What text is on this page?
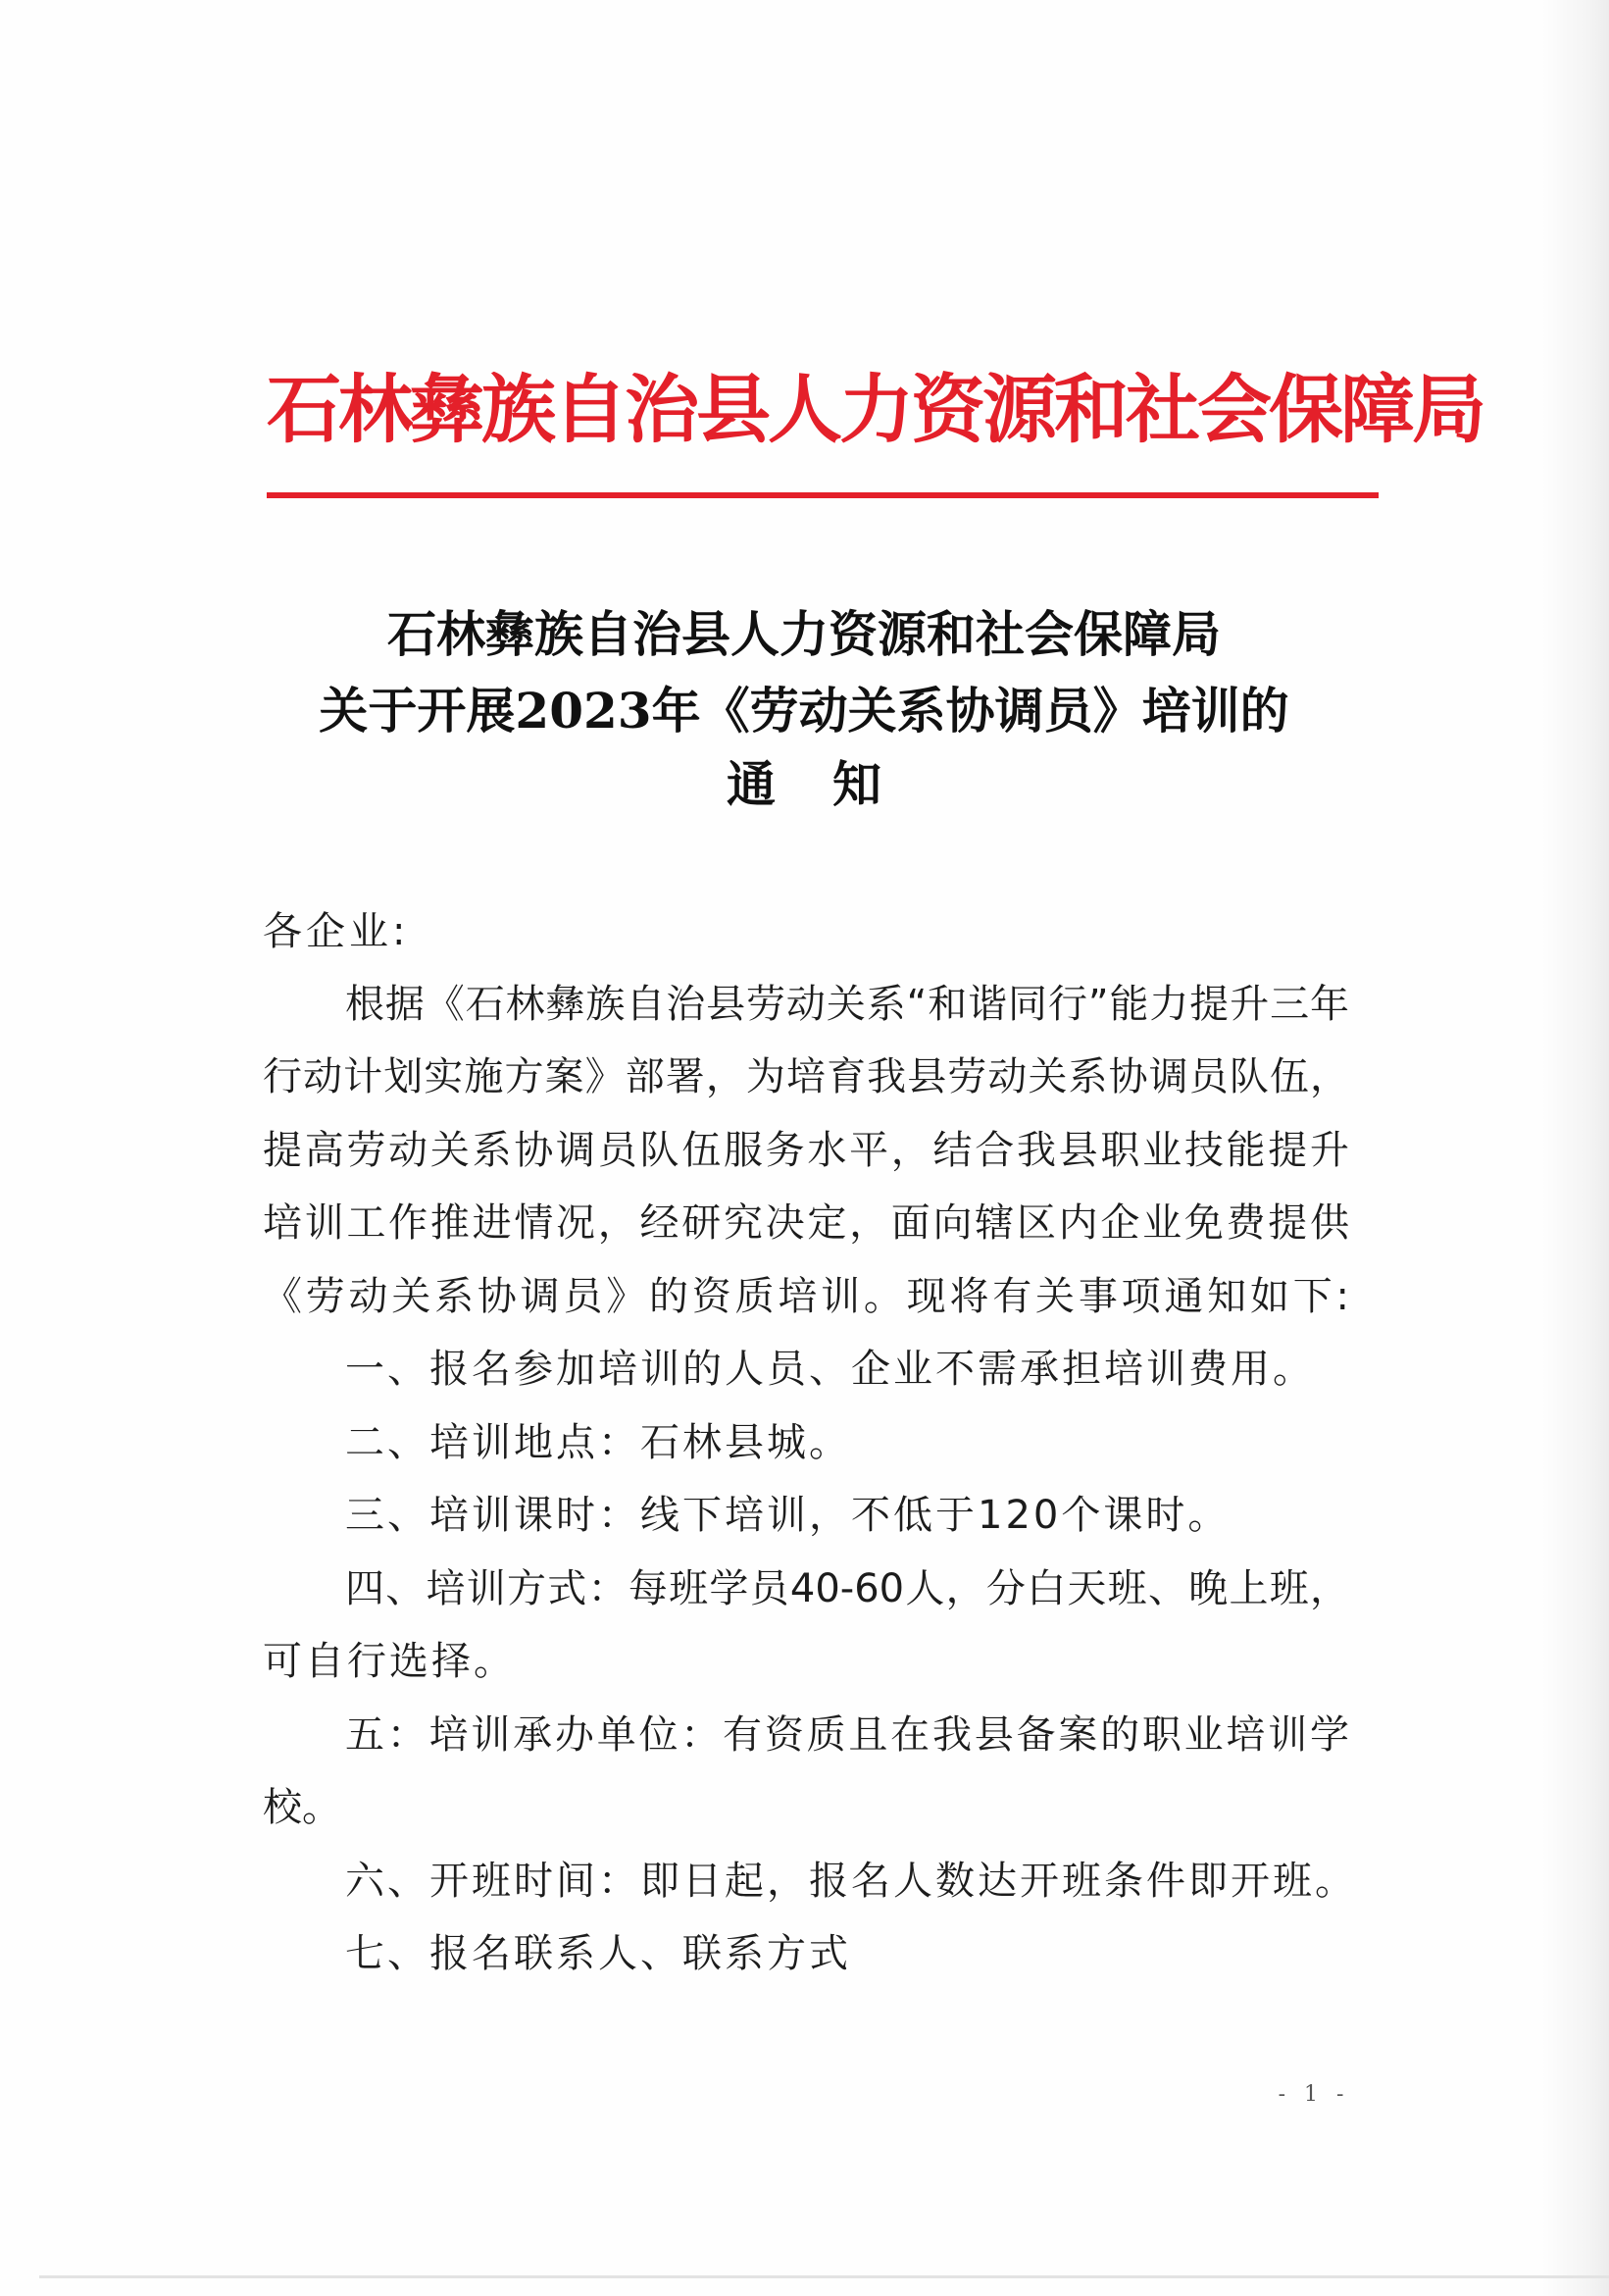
石林彝族自治县人力资源和社会保障局
石林彝族自治县人力资源和社会保障局
关于开展2023年《劳动关系协调员》培训的
通知
各企业:
根据《石林彝族自治县劳动关系“和谐同行”能力提升三年
行动计划实施方案》部署，为培育我县劳动关系协调员队伍，
提高劳动关系协调员队伍服务水平，结合我县职业技能提升
培训工作推进情况，经研究决定，面向辖区内企业免费提供
《劳动关系协调员》的资质培训。现将有关事项通知如下:
一、报名参加培训的人员、企业不需承担培训费用。
二、培训地点：石林县城。
三、培训课时：线下培训，不低于120个课时。
四、培训方式：每班学员40-60人，分白天班、晚上班，
可自行选择。
五：培训承办单位：有资质且在我县备案的职业培训学
校。
六、开班时间：即日起，报名人数达开班条件即开班。
七、报名联系人、联系方式
- 1 -
